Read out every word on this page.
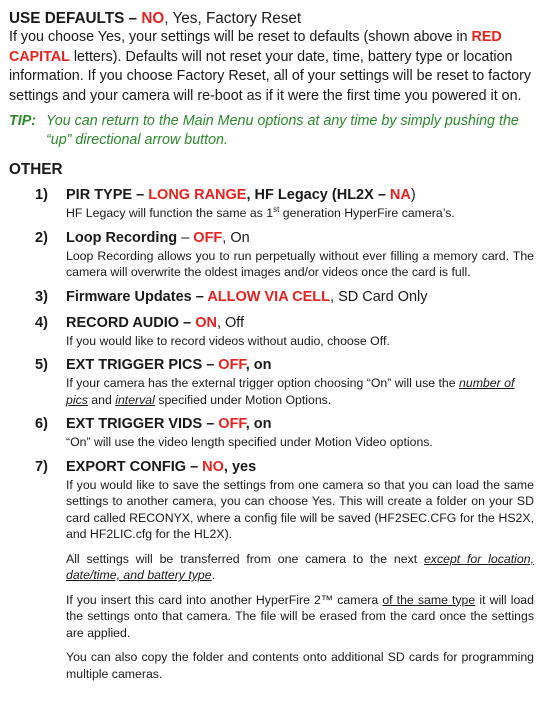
USE DEFAULTS – NO, Yes, Factory Reset

If you choose Yes, your settings will be reset to defaults (shown above in RED CAPITAL letters). Defaults will not reset your date, time, battery type or location information. If you choose Factory Reset, all of your settings will be reset to factory settings and your camera will re-boot as if it were the first time you powered it on.

TIP: You can return to the Main Menu options at any time by simply pushing the “up” directional arrow button.
OTHER
1) PIR TYPE – LONG RANGE, HF Legacy (HL2X – NA)

HF Legacy will function the same as 1st generation HyperFire camera’s.

2) Loop Recording – OFF, On

Loop Recording allows you to run perpetually without ever filling a memory card. The camera will overwrite the oldest images and/or videos once the card is full.

3) Firmware Updates – ALLOW VIA CELL, SD Card Only
4) RECORD AUDIO – ON, Off

If you would like to record videos without audio, choose Off.

5) EXT TRIGGER PICS – OFF, on

If your camera has the external trigger option choosing “On” will use the number of pics and interval specified under Motion Options.

6) EXT TRIGGER VIDS – OFF, on

“On” will use the video length specified under Motion Video options.

7) EXPORT CONFIG – NO, yes

If you would like to save the settings from one camera so that you can load the same settings to another camera, you can choose Yes. This will create a folder on your SD card called RECONYX, where a config file will be saved (HF2SEC.CFG for the HS2X, and HF2LIC.cfg for the HL2X).

All settings will be transferred from one camera to the next except for location, date/time, and battery type.

If you insert this card into another HyperFire 2™ camera of the same type it will load the settings onto that camera. The file will be erased from the card once the settings are applied.

You can also copy the folder and contents onto additional SD cards for programming multiple cameras.
